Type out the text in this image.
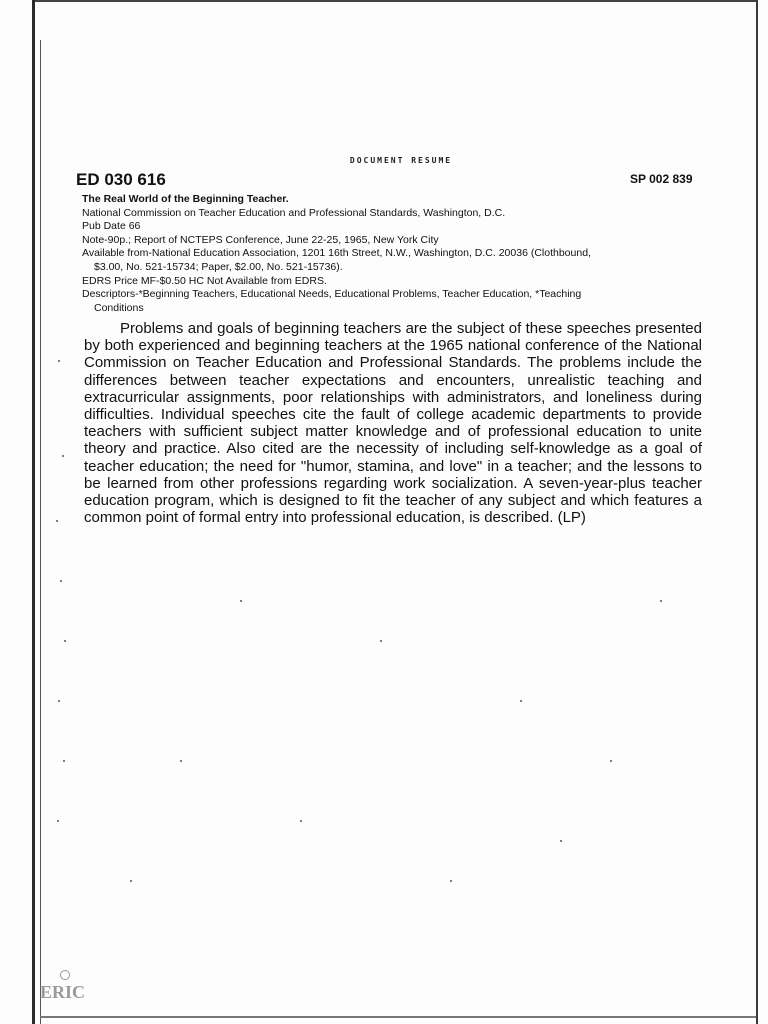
DOCUMENT RESUME
ED 030 616	SP 002 839
The Real World of the Beginning Teacher.
National Commission on Teacher Education and Professional Standards, Washington, D.C.
Pub Date 66
Note-90p.; Report of NCTEPS Conference, June 22-25, 1965, New York City
Available from-National Education Association, 1201 16th Street, N.W., Washington, D.C. 20036 (Clothbound,
$3.00, No. 521-15734; Paper, $2.00, No. 521-15736).
EDRS Price MF-$0.50 HC Not Available from EDRS.
Descriptors-*Beginning Teachers, Educational Needs, Educational Problems, Teacher Education, *Teaching
Conditions
Problems and goals of beginning teachers are the subject of these speeches presented by both experienced and beginning teachers at the 1965 national conference of the National Commission on Teacher Education and Professional Standards. The problems include the differences between teacher expectations and encounters, unrealistic teaching and extracurricular assignments, poor relationships with administrators, and loneliness during difficulties. Individual speeches cite the fault of college academic departments to provide teachers with sufficient subject matter knowledge and of professional education to unite theory and practice. Also cited are the necessity of including self-knowledge as a goal of teacher education; the need for "humor, stamina, and love" in a teacher; and the lessons to be learned from other professions regarding work socialization. A seven-year-plus teacher education program, which is designed to fit the teacher of any subject and which features a common point of formal entry into professional education, is described. (LP)
ERIC
